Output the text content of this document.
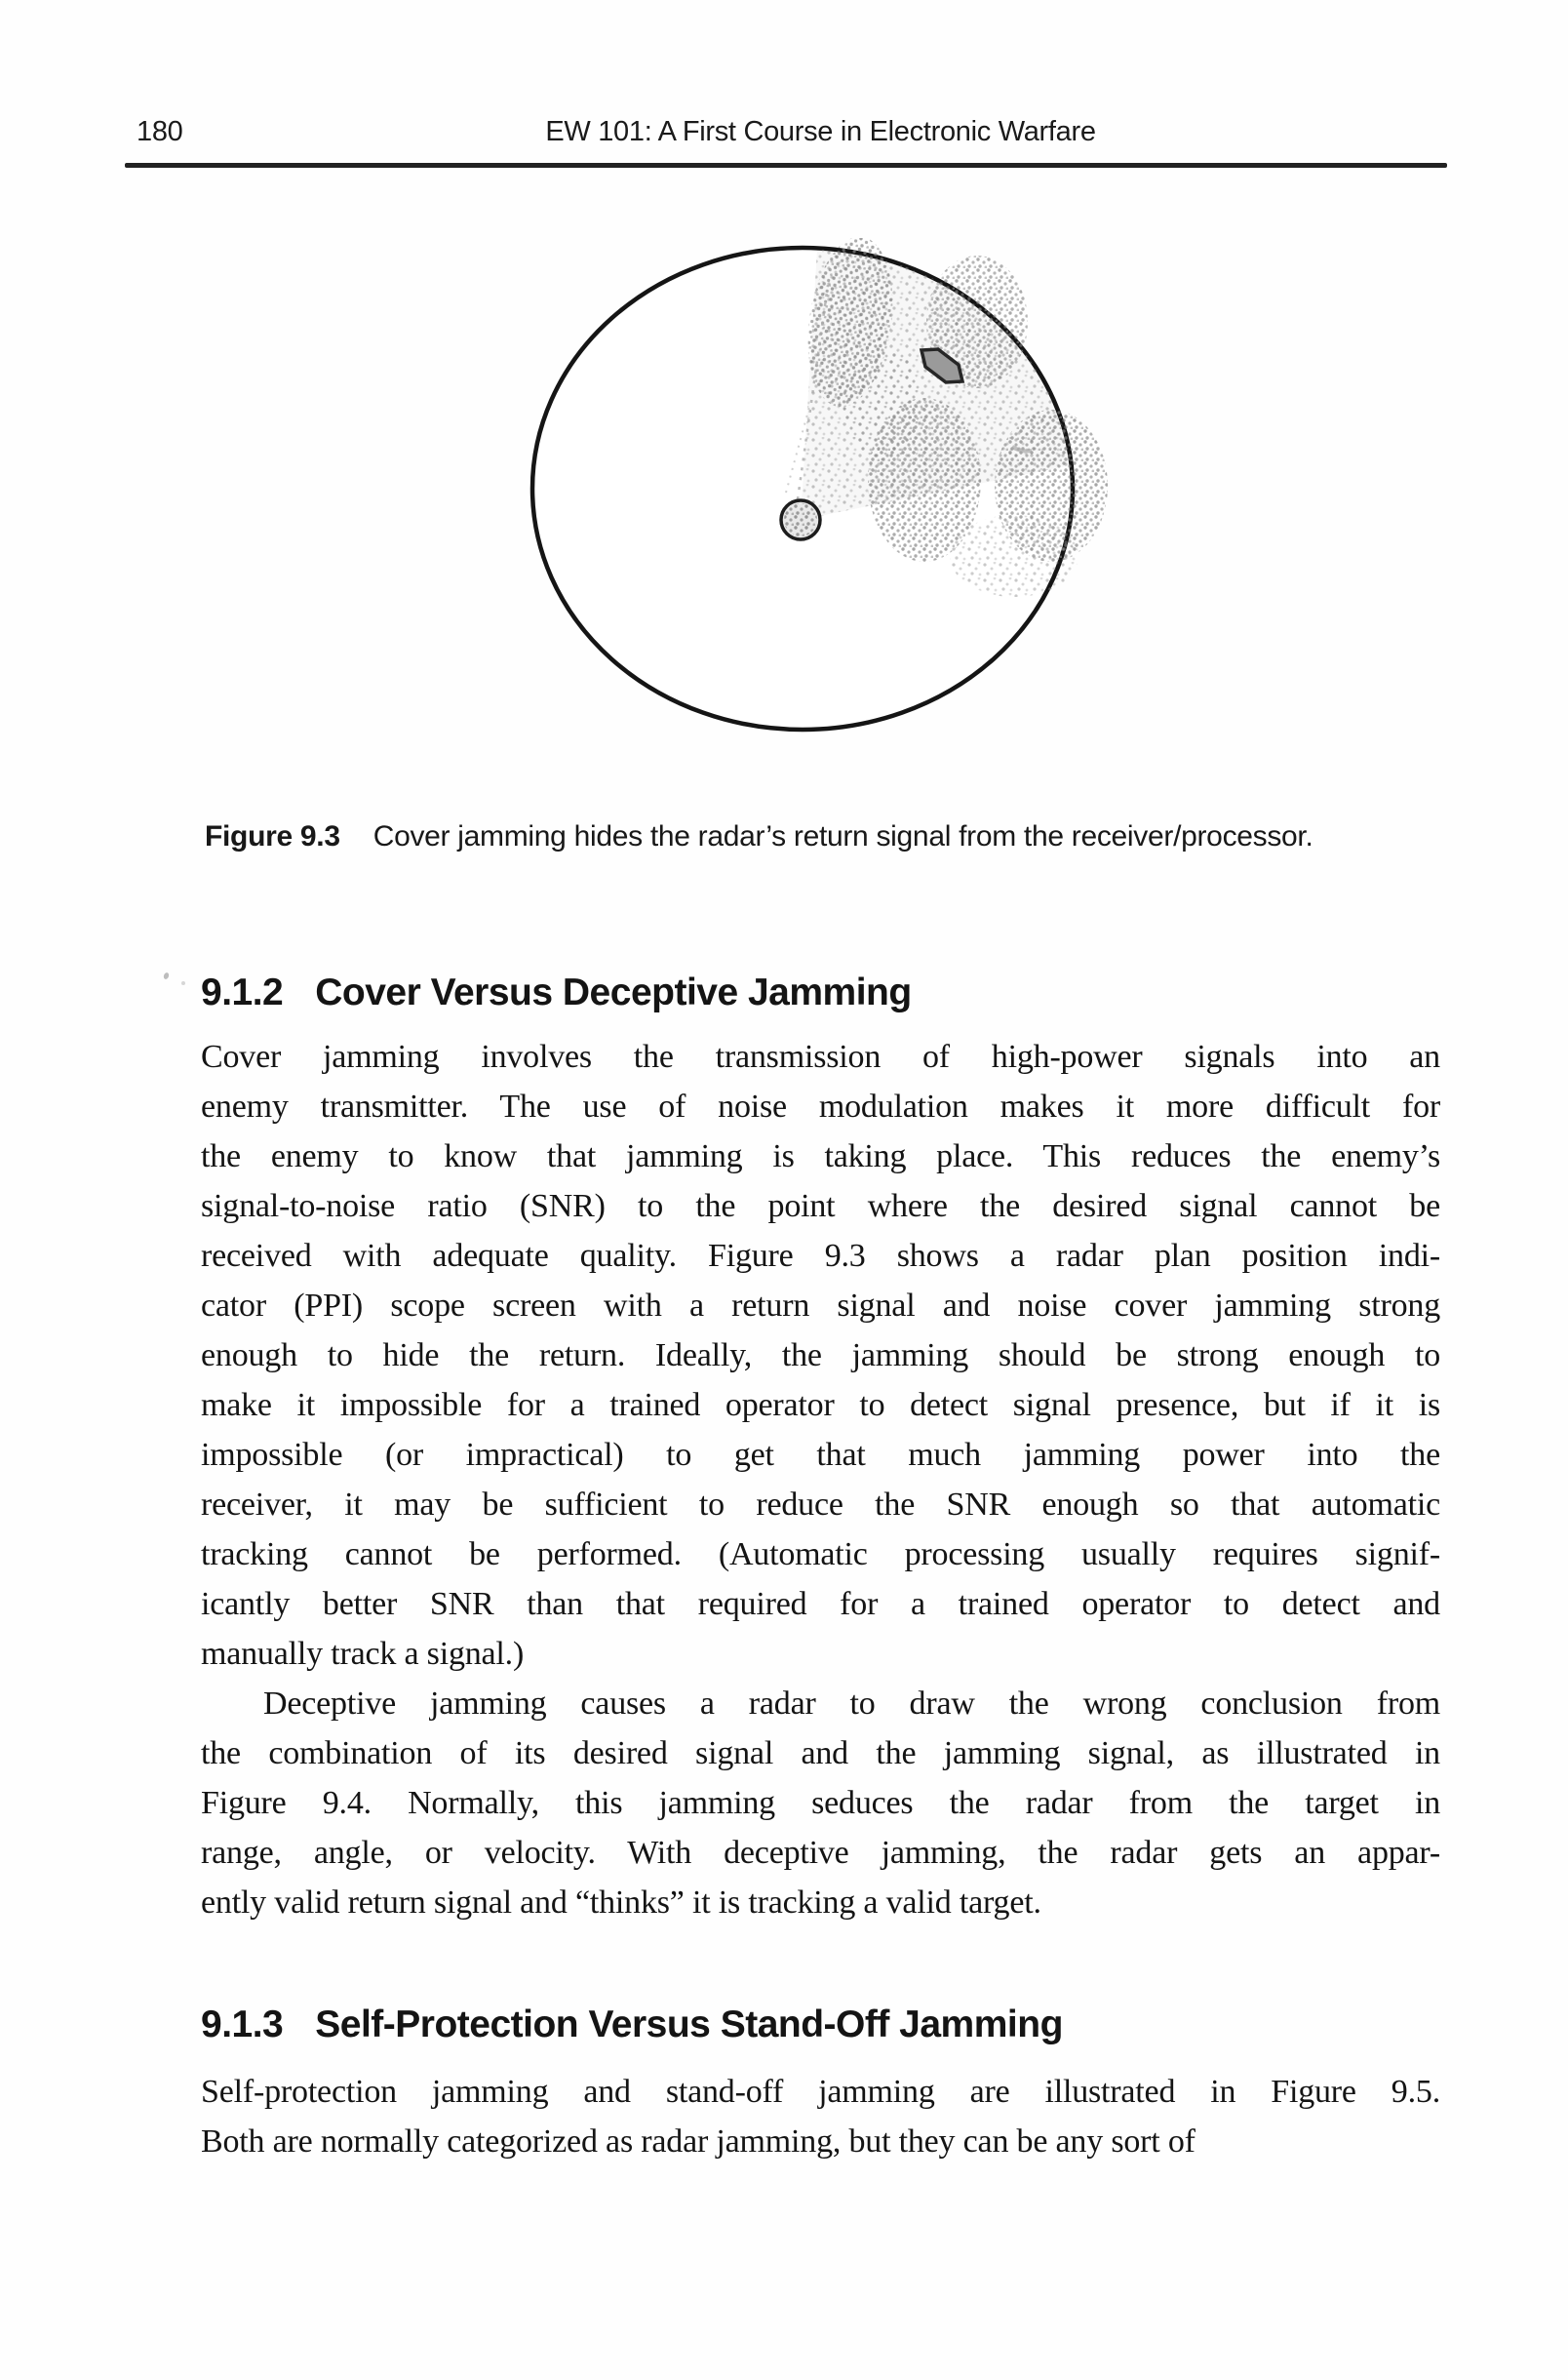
180	EW 101: A First Course in Electronic Warfare
Figure 9.3 Cover jamming hides the radar’s return signal from the receiver/processor.
9.1.2 Cover Versus Deceptive Jamming
Cover jamming involves the transmission of high-power signals into an
enemy transmitter. The use of noise modulation makes it more difficult for
the enemy to know that jamming is taking place. This reduces the enemy’s
signal-to-noise ratio (SNR) to the point where the desired signal cannot be
received with adequate quality. Figure 9.3 shows a radar plan position indi-
cator (PPI) scope screen with a return signal and noise cover jamming strong
enough to hide the return. Ideally, the jamming should be strong enough to
make it impossible for a trained operator to detect signal presence, but if it is
impossible (or impractical) to get that much jamming power into the
receiver, it may be sufficient to reduce the SNR enough so that automatic
tracking cannot be performed. (Automatic processing usually requires signif-
icantly better SNR than that required for a trained operator to detect and
manually track a signal.)
Deceptive jamming causes a radar to draw the wrong conclusion from
the combination of its desired signal and the jamming signal, as illustrated in
Figure 9.4. Normally, this jamming seduces the radar from the target in
range, angle, or velocity. With deceptive jamming, the radar gets an appar-
ently valid return signal and “thinks” it is tracking a valid target.
9.1.3 Self-Protection Versus Stand-Off Jamming
Self-protection jamming and stand-off jamming are illustrated in Figure 9.5.
Both are normally categorized as radar jamming, but they can be any sort of
